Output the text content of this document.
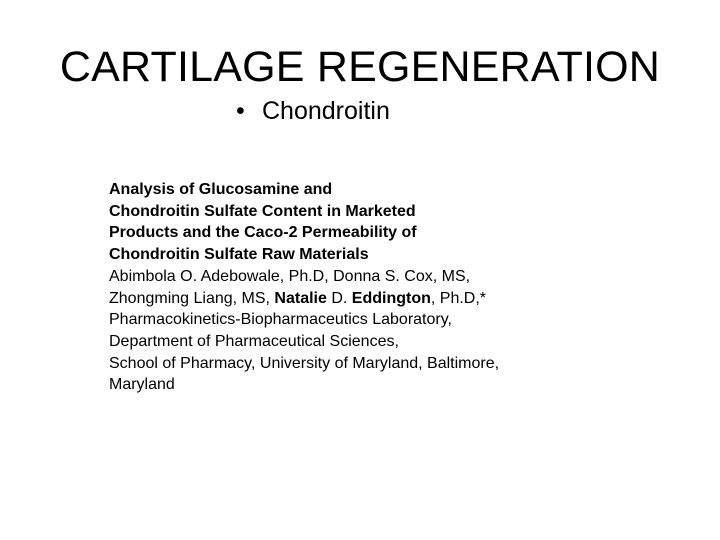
CARTILAGE REGENERATION
• Chondroitin
Analysis of Glucosamine and
Chondroitin Sulfate Content in Marketed
Products and the Caco-2 Permeability of
Chondroitin Sulfate Raw Materials
Abimbola O. Adebowale, Ph.D, Donna S. Cox, MS,
Zhongming Liang, MS, Natalie D. Eddington, Ph.D,*
Pharmacokinetics-Biopharmaceutics Laboratory,
Department of Pharmaceutical Sciences,
School of Pharmacy, University of Maryland, Baltimore,
Maryland
